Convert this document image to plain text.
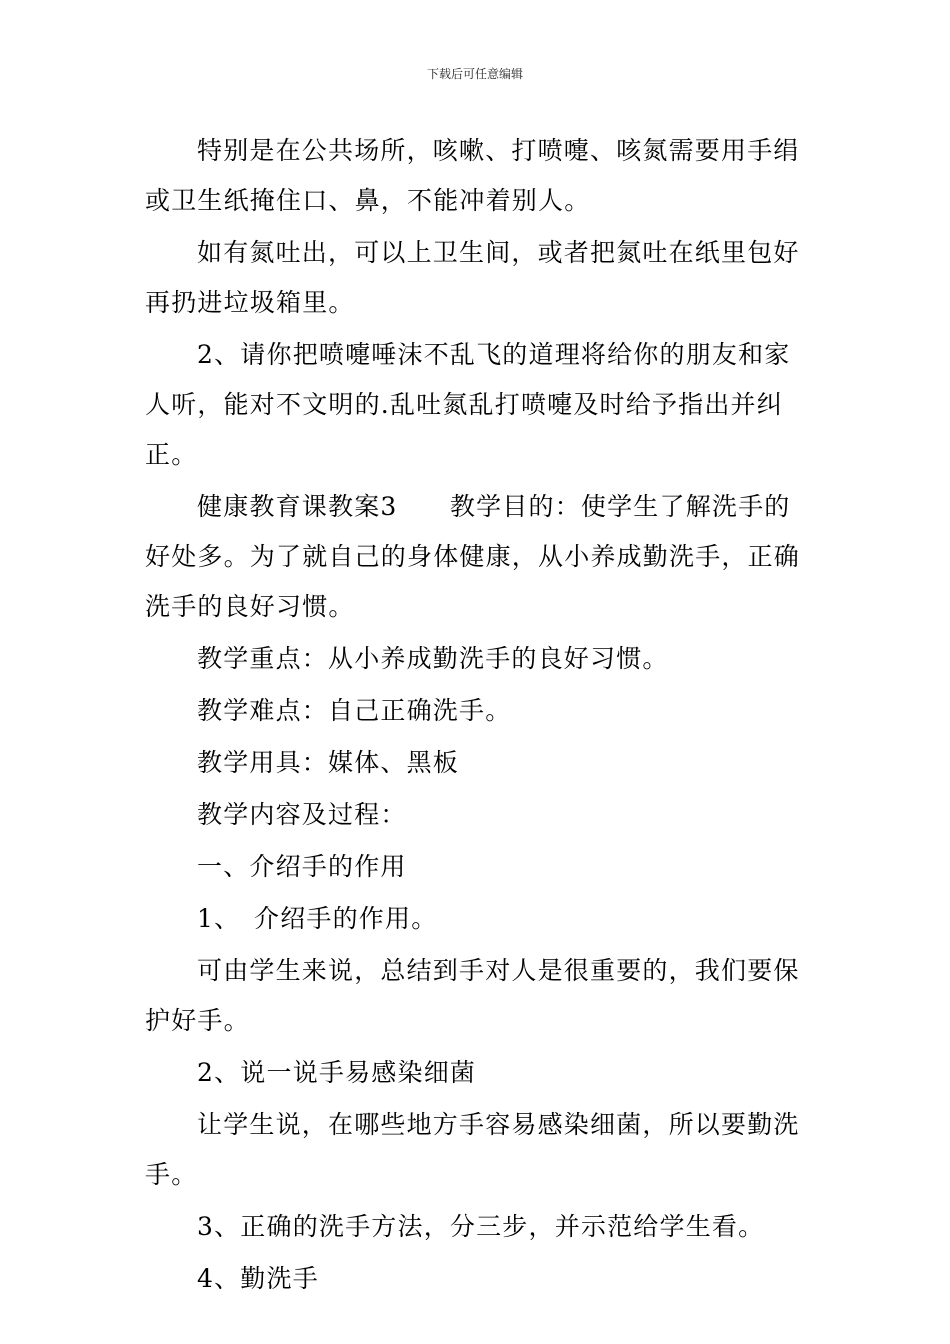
下载后可任意编辑

特别是在公共场所，咳嗽、打喷嚏、咳氮需要用手绢或卫生纸掩住口、鼻，不能冲着别人。

如有氮吐出，可以上卫生间，或者把氮吐在纸里包好再扔进垃圾箱里。

2、请你把喷嚏唾沫不乱飞的道理将给你的朋友和家人听，能对不文明的.乱吐氮乱打喷嚏及时给予指出并纠正。

健康教育课教案3　　教学目的：使学生了解洗手的好处多。为了就自己的身体健康，从小养成勤洗手，正确洗手的良好习惯。

教学重点：从小养成勤洗手的良好习惯。

教学难点：自己正确洗手。

教学用具：媒体、黑板

教学内容及过程：

一、介绍手的作用

1、　介绍手的作用。

可由学生来说，总结到手对人是很重要的，我们要保护好手。

2、说一说手易感染细菌

让学生说，在哪些地方手容易感染细菌，所以要勤洗手。

3、正确的洗手方法，分三步，并示范给学生看。

4、勤洗手
